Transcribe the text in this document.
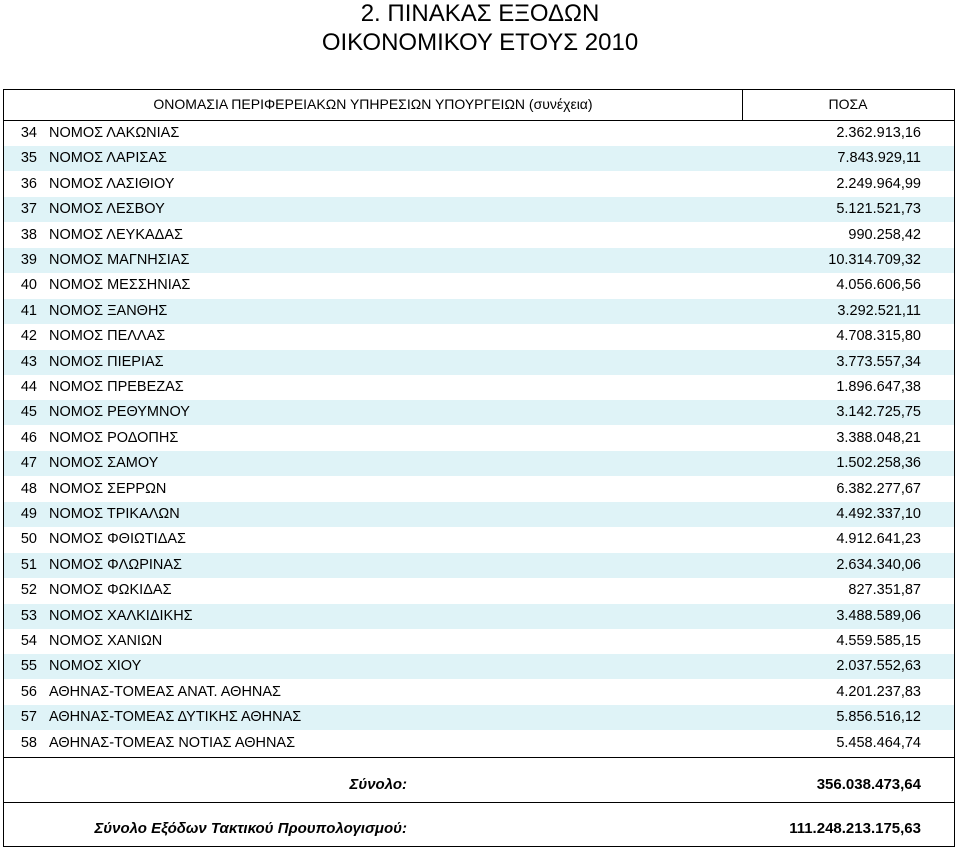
2. ΠΙΝΑΚΑΣ ΕΞΟΔΩΝ
ΟΙΚΟΝΟΜΙΚΟΥ ΕΤΟΥΣ 2010
ΟΝΟΜΑΣΙΑ ΠΕΡΙΦΕΡΕΙΑΚΩΝ ΥΠΗΡΕΣΙΩΝ ΥΠΟΥΡΓΕΙΩΝ (συνέχεια)	ΠΟΣΑ
34 ΝΟΜΟΣ ΛΑΚΩΝΙΑΣ	2.362.913,16
35 ΝΟΜΟΣ ΛΑΡΙΣΑΣ	7.843.929,11
36 ΝΟΜΟΣ ΛΑΣΙΘΙΟΥ	2.249.964,99
37 ΝΟΜΟΣ ΛΕΣΒΟΥ	5.121.521,73
38 ΝΟΜΟΣ ΛΕΥΚΑΔΑΣ	990.258,42
39 ΝΟΜΟΣ ΜΑΓΝΗΣΙΑΣ	10.314.709,32
40 ΝΟΜΟΣ ΜΕΣΣΗΝΙΑΣ	4.056.606,56
41 ΝΟΜΟΣ ΞΑΝΘΗΣ	3.292.521,11
42 ΝΟΜΟΣ ΠΕΛΛΑΣ	4.708.315,80
43 ΝΟΜΟΣ ΠΙΕΡΙΑΣ	3.773.557,34
44 ΝΟΜΟΣ ΠΡΕΒΕΖΑΣ	1.896.647,38
45 ΝΟΜΟΣ ΡΕΘΥΜΝΟΥ	3.142.725,75
46 ΝΟΜΟΣ ΡΟΔΟΠΗΣ	3.388.048,21
47 ΝΟΜΟΣ ΣΑΜΟΥ	1.502.258,36
48 ΝΟΜΟΣ ΣΕΡΡΩΝ	6.382.277,67
49 ΝΟΜΟΣ ΤΡΙΚΑΛΩΝ	4.492.337,10
50 ΝΟΜΟΣ ΦΘΙΩΤΙΔΑΣ	4.912.641,23
51 ΝΟΜΟΣ ΦΛΩΡΙΝΑΣ	2.634.340,06
52 ΝΟΜΟΣ ΦΩΚΙΔΑΣ	827.351,87
53 ΝΟΜΟΣ ΧΑΛΚΙΔΙΚΗΣ	3.488.589,06
54 ΝΟΜΟΣ ΧΑΝΙΩΝ	4.559.585,15
55 ΝΟΜΟΣ ΧΙΟΥ	2.037.552,63
56 ΑΘΗΝΑΣ-ΤΟΜΕΑΣ ΑΝΑΤ. ΑΘΗΝΑΣ	4.201.237,83
57 ΑΘΗΝΑΣ-ΤΟΜΕΑΣ ΔΥΤΙΚΗΣ ΑΘΗΝΑΣ	5.856.516,12
58 ΑΘΗΝΑΣ-ΤΟΜΕΑΣ ΝΟΤΙΑΣ ΑΘΗΝΑΣ	5.458.464,74
Σύνολο:	356.038.473,64
Σύνολο Εξόδων Τακτικού Προυπολογισμού:	111.248.213.175,63
